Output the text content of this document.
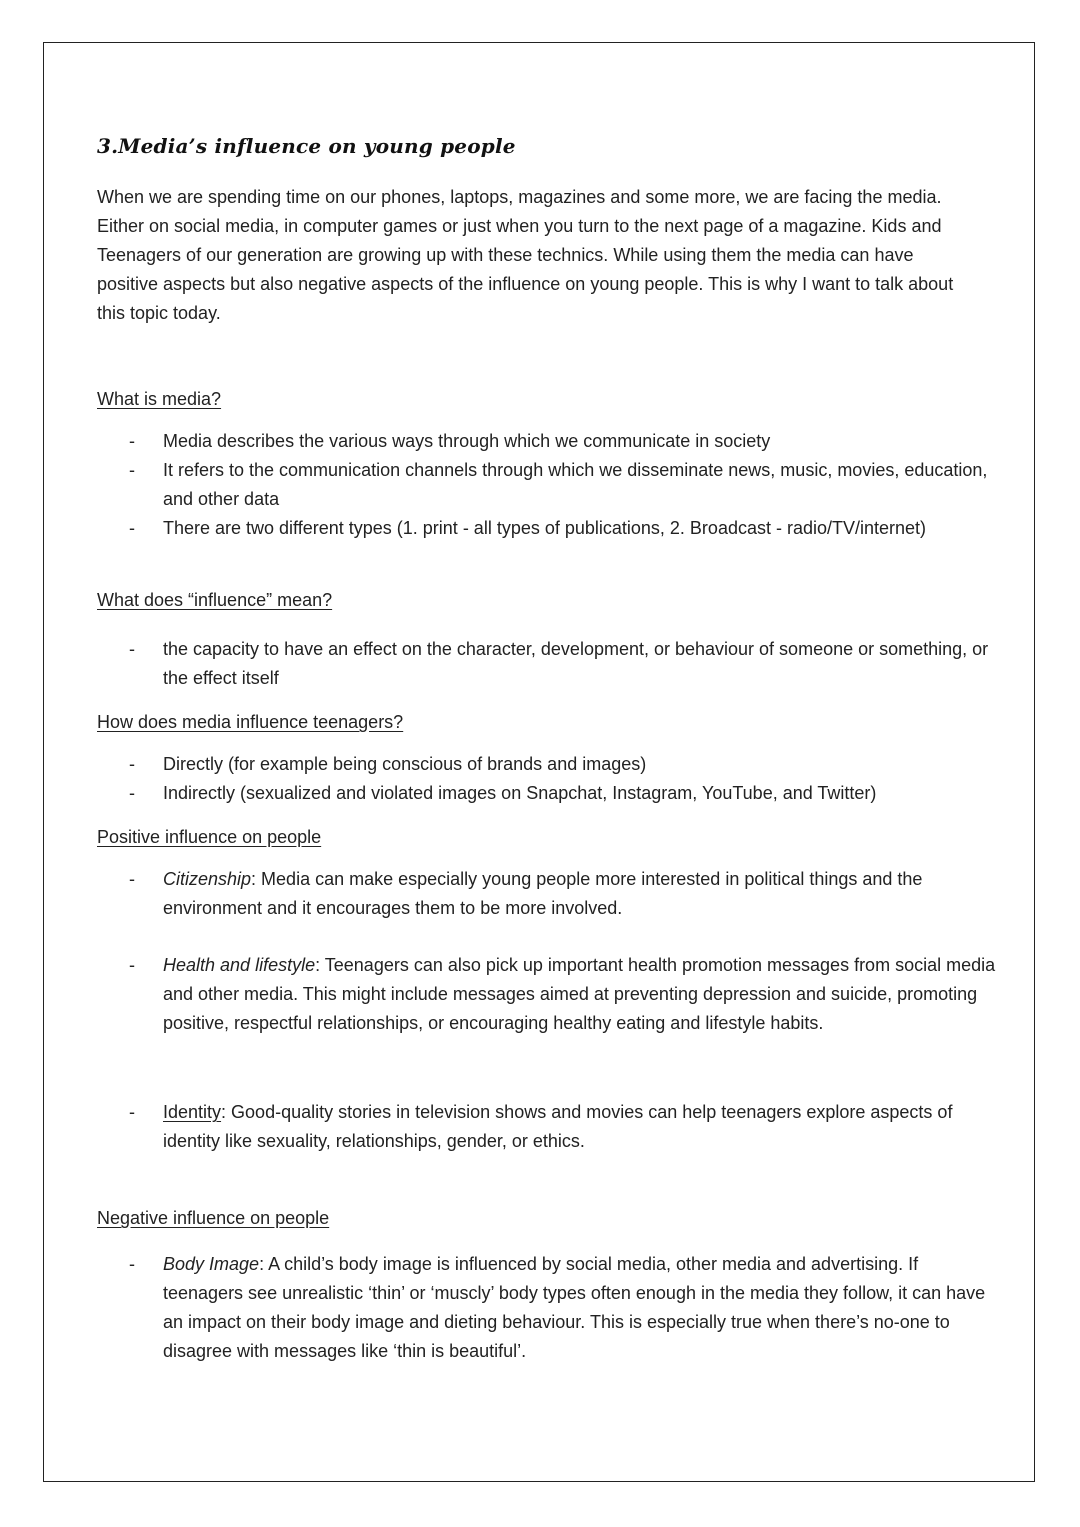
3.Media’s influence on young people

When we are spending time on our phones, laptops, magazines and some more, we are facing the media. Either on social media, in computer games or just when you turn to the next page of a magazine. Kids and Teenagers of our generation are growing up with these technics. While using them the media can have positive aspects but also negative aspects of the influence on young people. This is why I want to talk about this topic today.

What is media?

- Media describes the various ways through which we communicate in society
- It refers to the communication channels through which we disseminate news, music, movies, education, and other data
- There are two different types (1. print - all types of publications, 2. Broadcast - radio/TV/internet)

What does “influence” mean?

- the capacity to have an effect on the character, development, or behaviour of someone or something, or the effect itself

How does media influence teenagers?

- Directly (for example being conscious of brands and images)
- Indirectly (sexualized and violated images on Snapchat, Instagram, YouTube, and Twitter)

Positive influence on people

- Citizenship: Media can make especially young people more interested in political things and the environment and it encourages them to be more involved.
- Health and lifestyle: Teenagers can also pick up important health promotion messages from social media and other media. This might include messages aimed at preventing depression and suicide, promoting positive, respectful relationships, or encouraging healthy eating and lifestyle habits.
- Identity: Good-quality stories in television shows and movies can help teenagers explore aspects of identity like sexuality, relationships, gender, or ethics.

Negative influence on people

- Body Image: A child’s body image is influenced by social media, other media and advertising. If teenagers see unrealistic ‘thin’ or ‘muscly’ body types often enough in the media they follow, it can have an impact on their body image and dieting behaviour. This is especially true when there’s no-one to disagree with messages like ‘thin is beautiful’.
